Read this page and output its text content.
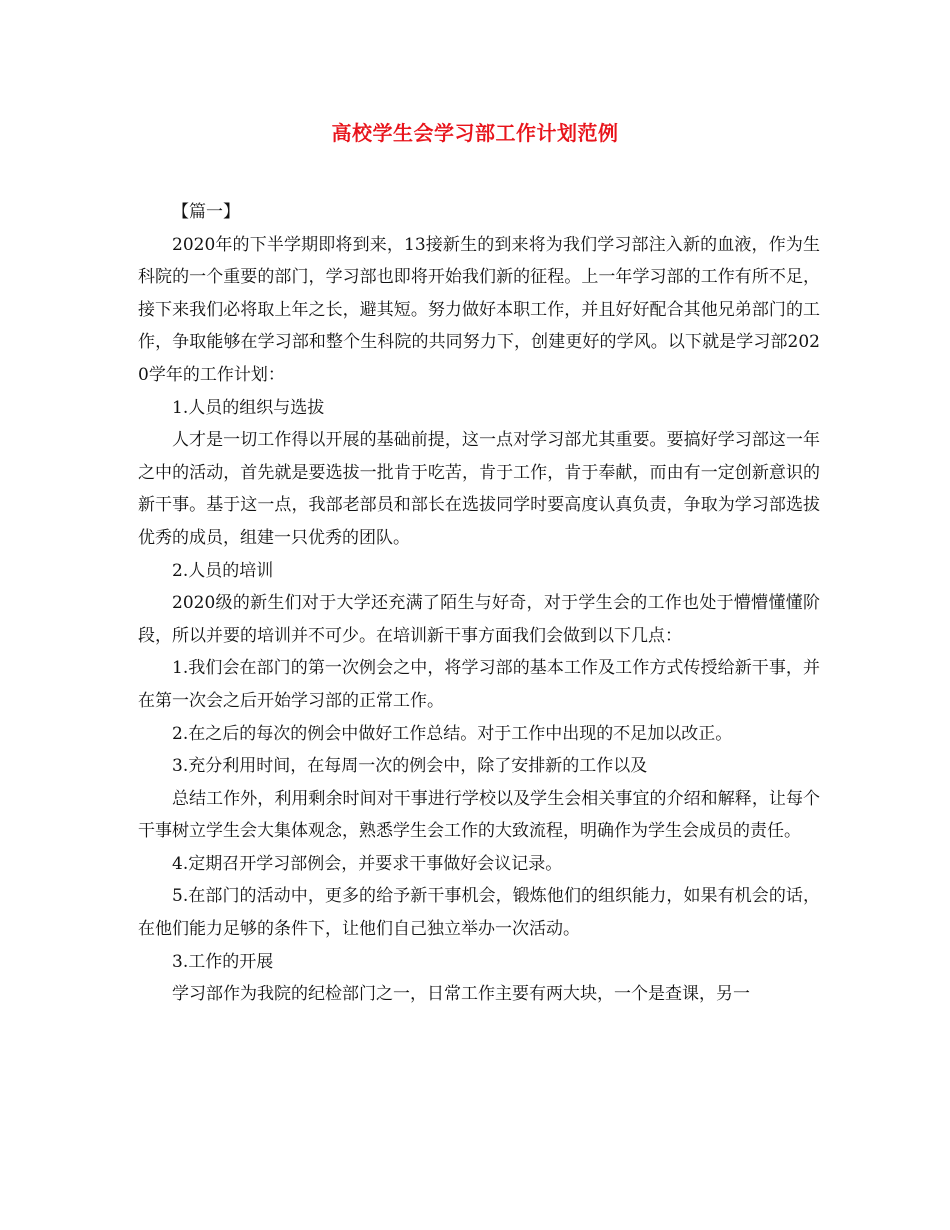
高校学生会学习部工作计划范例

【篇一】

2020年的下半学期即将到来，13接新生的到来将为我们学习部注入新的血液，作为生科院的一个重要的部门，学习部也即将开始我们新的征程。上一年学习部的工作有所不足，接下来我们必将取上年之长，避其短。努力做好本职工作，并且好好配合其他兄弟部门的工作，争取能够在学习部和整个生科院的共同努力下，创建更好的学风。以下就是学习部2020学年的工作计划：

1.人员的组织与选拔

人才是一切工作得以开展的基础前提，这一点对学习部尤其重要。要搞好学习部这一年之中的活动，首先就是要选拔一批肯于吃苦，肯于工作，肯于奉献，而由有一定创新意识的新干事。基于这一点，我部老部员和部长在选拔同学时要高度认真负责，争取为学习部选拔优秀的成员，组建一只优秀的团队。

2.人员的培训

2020级的新生们对于大学还充满了陌生与好奇，对于学生会的工作也处于懵懵懂懂阶段，所以并要的培训并不可少。在培训新干事方面我们会做到以下几点：

1.我们会在部门的第一次例会之中，将学习部的基本工作及工作方式传授给新干事，并在第一次会之后开始学习部的正常工作。

2.在之后的每次的例会中做好工作总结。对于工作中出现的不足加以改正。

3.充分利用时间，在每周一次的例会中，除了安排新的工作以及

总结工作外，利用剩余时间对干事进行学校以及学生会相关事宜的介绍和解释，让每个干事树立学生会大集体观念，熟悉学生会工作的大致流程，明确作为学生会成员的责任。

4.定期召开学习部例会，并要求干事做好会议记录。

5.在部门的活动中，更多的给予新干事机会，锻炼他们的组织能力，如果有机会的话，在他们能力足够的条件下，让他们自己独立举办一次活动。

3.工作的开展

学习部作为我院的纪检部门之一，日常工作主要有两大块，一个是查课，另一
